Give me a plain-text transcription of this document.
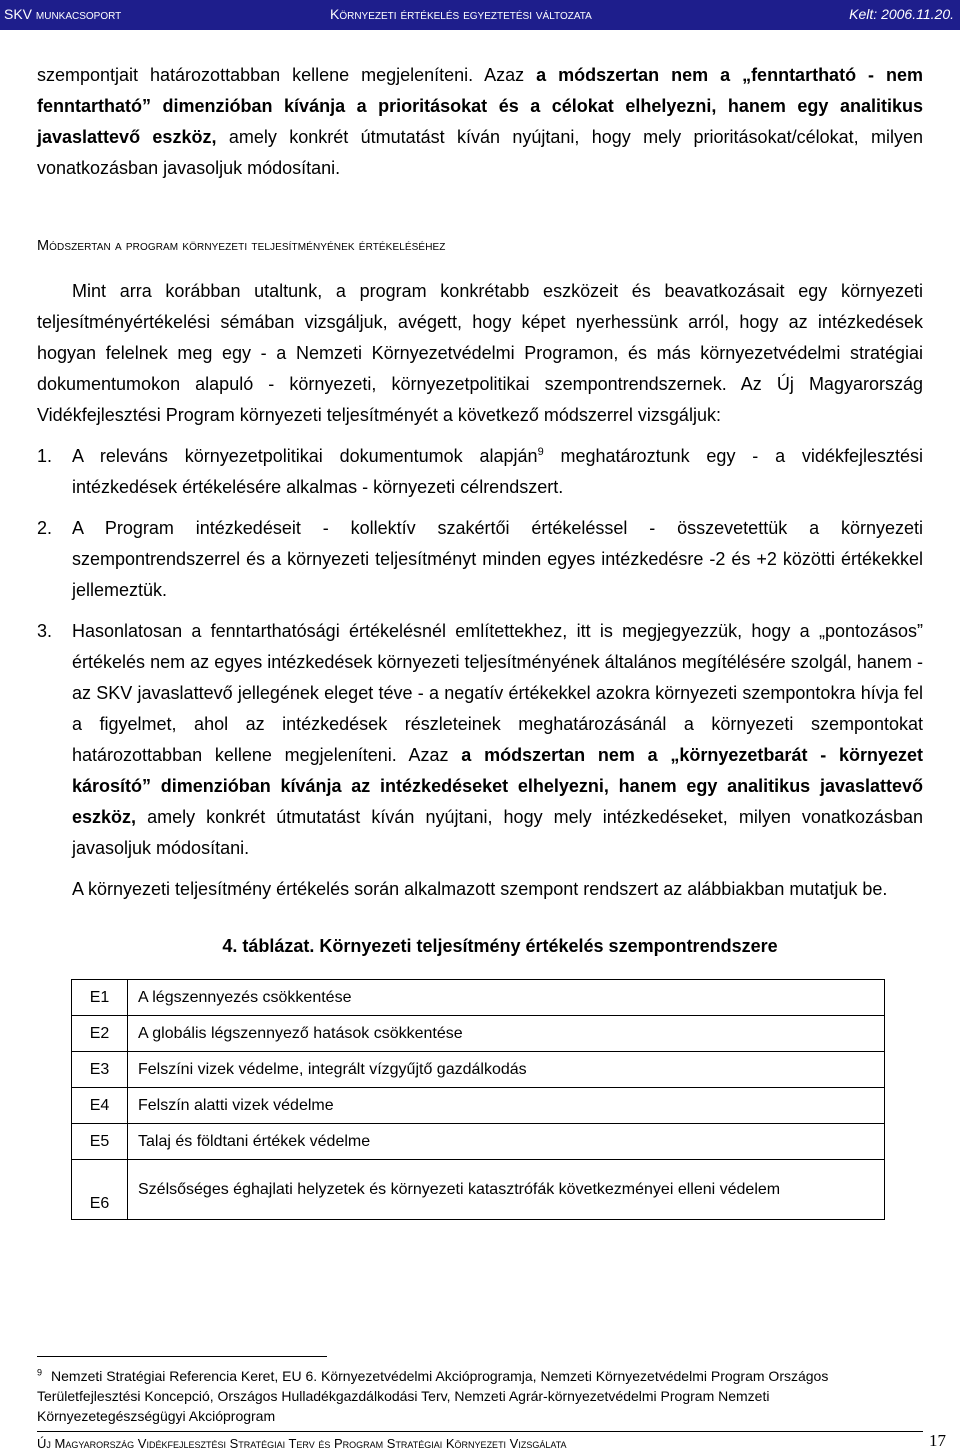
SKV munkacsoport	Környezeti értékelés egyeztetési változata	Kelt: 2006.11.20.

szempontjait határozottabban kellene megjeleníteni. Azaz a módszertan nem a „fenntartható - nem fenntartható” dimenzióban kívánja a prioritásokat és a célokat elhelyezni, hanem egy analitikus javaslattevő eszköz, amely konkrét útmutatást kíván nyújtani, hogy mely prioritásokat/célokat, milyen vonatkozásban javasoljuk módosítani.

Módszertan a program környezeti teljesítményének értékeléséhez

Mint arra korábban utaltunk, a program konkrétabb eszközeit és beavatkozásait egy környezeti teljesítményértékelési sémában vizsgáljuk, avégett, hogy képet nyerhessünk arról, hogy az intézkedések hogyan felelnek meg egy - a Nemzeti Környezetvédelmi Programon, és más környezetvédelmi stratégiai dokumentumokon alapuló - környezeti, környezetpolitikai szempontrendszernek. Az Új Magyarország Vidékfejlesztési Program környezeti teljesítményét a következő módszerrel vizsgáljuk:

1. A releváns környezetpolitikai dokumentumok alapján$^9$ meghatároztunk egy - a vidékfejlesztési intézkedések értékelésére alkalmas - környezeti célrendszert.
2. A Program intézkedéseit - kollektív szakértői értékeléssel - összevetettük a környezeti szempontrendszerrel és a környezeti teljesítményt minden egyes intézkedésre -2 és +2 közötti értékekkel jellemeztük.
3. Hasonlatosan a fenntarthatósági értékelésnél említettekhez, itt is megjegyezzük, hogy a „pontozásos” értékelés nem az egyes intézkedések környezeti teljesítményének általános megítélésére szolgál, hanem - az SKV javaslattevő jellegének eleget téve - a negatív értékekkel azokra környezeti szempontokra hívja fel a figyelmet, ahol az intézkedések részleteinek meghatározásánál a környezeti szempontokat határozottabban kellene megjeleníteni. Azaz a módszertan nem a „környezetbarát - környezet károsító” dimenzióban kívánja az intézkedéseket elhelyezni, hanem egy analitikus javaslattevő eszköz, amely konkrét útmutatást kíván nyújtani, hogy mely intézkedéseket, milyen vonatkozásban javasoljuk módosítani.

A környezeti teljesítmény értékelés során alkalmazott szempont rendszert az alábbiakban mutatjuk be.

4. táblázat. Környezeti teljesítmény értékelés szempontrendszere
E1	A légszennyezés csökkentése
E2	A globális légszennyező hatások csökkentése
E3	Felszíni vizek védelme, integrált vízgyűjtő gazdálkodás
E4	Felszín alatti vizek védelme
E5	Talaj és földtani értékek védelme
E6	Szélsőséges éghajlati helyzetek és környezeti katasztrófák következményei elleni védelem
$^9$ Nemzeti Stratégiai Referencia Keret, EU 6. Környezetvédelmi Akcióprogramja, Nemzeti Környezetvédelmi Program Országos Területfejlesztési Koncepció, Országos Hulladékgazdálkodási Terv, Nemzeti Agrár-környezetvédelmi Program Nemzeti Környezetegészségügyi Akcióprogram
Új Magyarország Vidékfejlesztési Stratégiai Terv és Program Stratégiai Környezeti Vizsgálata	17
